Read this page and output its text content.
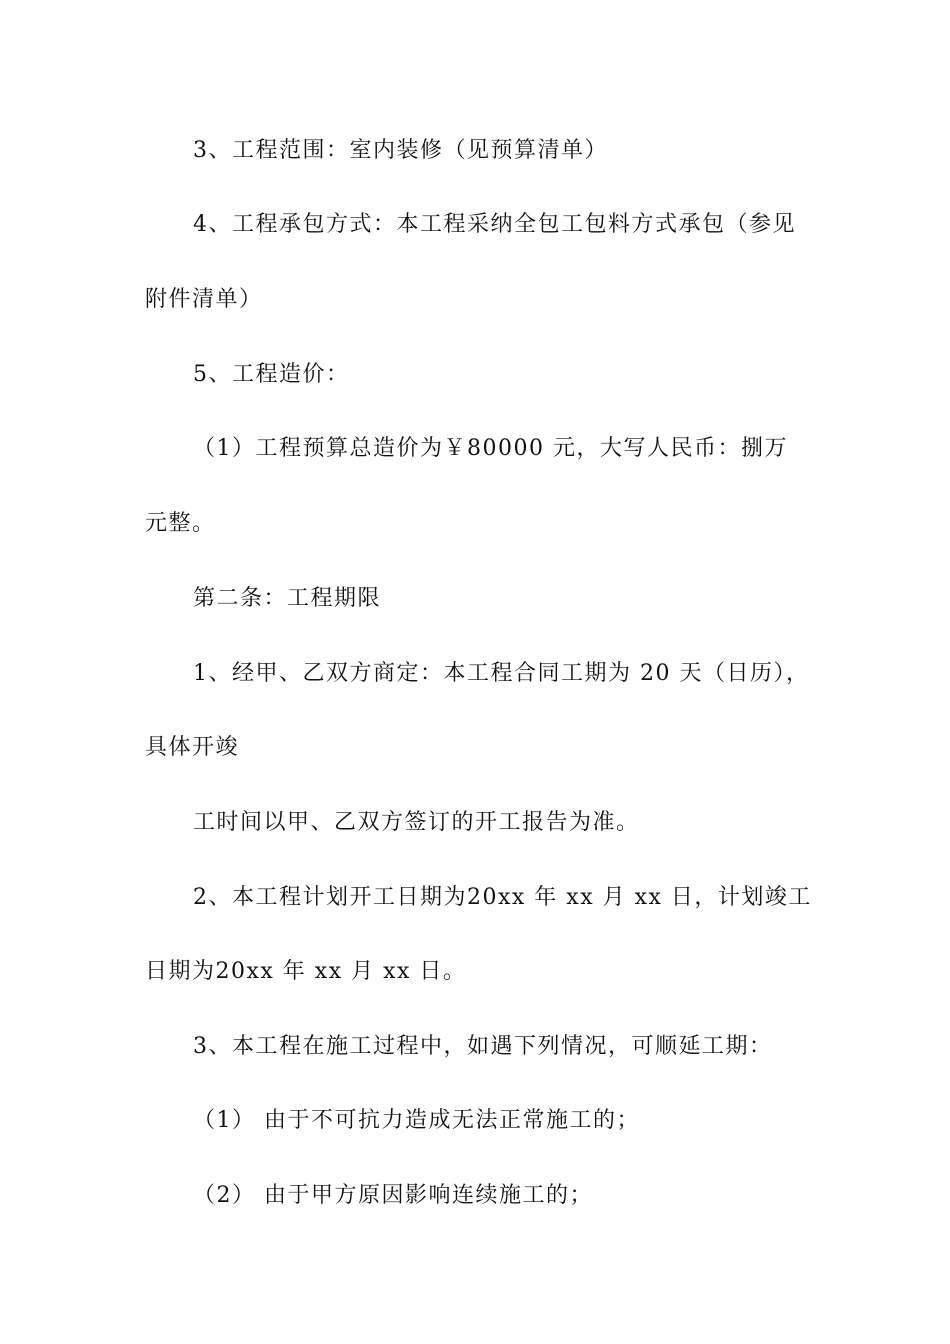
3、工程范围：室内装修（见预算清单）
4、工程承包方式：本工程采纳全包工包料方式承包（参见
附件清单）
5、工程造价：
（1）工程预算总造价为￥80000 元，大写人民币：捌万
元整。
第二条：工程期限
1、经甲、乙双方商定：本工程合同工期为 20 天（日历），
具体开竣
工时间以甲、乙双方签订的开工报告为准。
2、本工程计划开工日期为20xx 年 xx 月 xx 日，计划竣工
日期为20xx 年 xx 月 xx 日。
3、本工程在施工过程中，如遇下列情况，可顺延工期：
（1） 由于不可抗力造成无法正常施工的；
（2） 由于甲方原因影响连续施工的；
